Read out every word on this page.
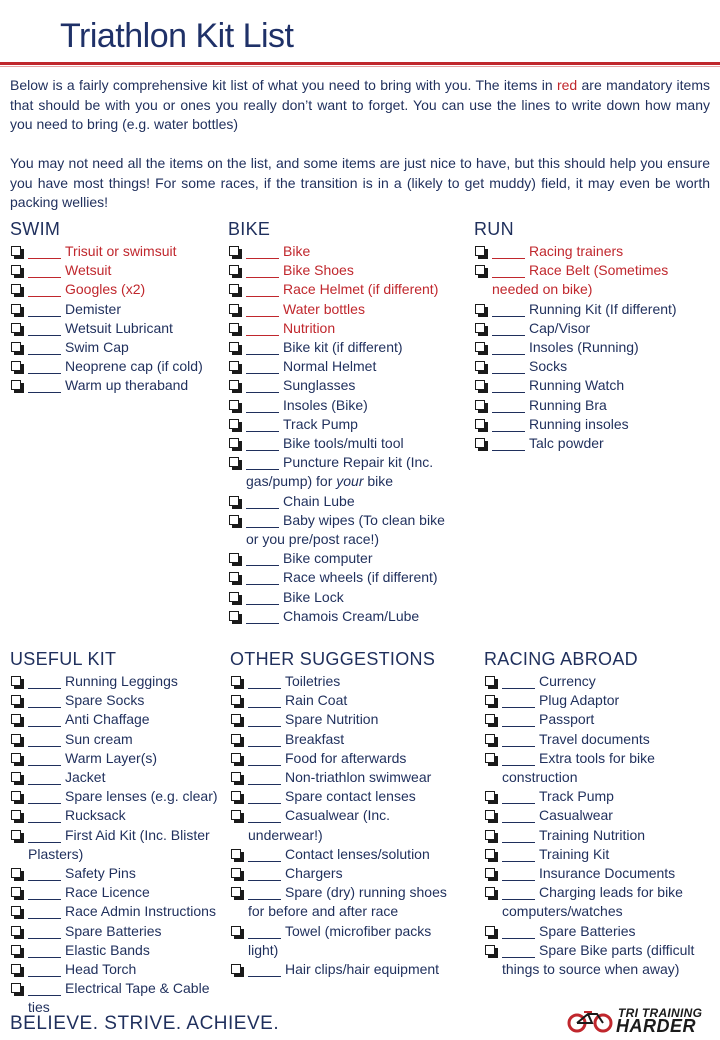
Triathlon Kit List

Below is a fairly comprehensive kit list of what you need to bring with you. The items in red are mandatory items that should be with you or ones you really don’t want to forget. You can use the lines to write down how many you need to bring (e.g. water bottles)

You may not need all the items on the list, and some items are just nice to have, but this should help you ensure you have most things! For some races, if the transition is in a (likely to get muddy) field, it may even be worth packing wellies!

SWIM
Trisuit or swimsuit
Wetsuit
Googles (x2)
Demister
Wetsuit Lubricant
Swim Cap
Neoprene cap (if cold)
Warm up theraband
BIKE
Bike
Bike Shoes
Race Helmet (if different)
Water bottles
Nutrition
Bike kit (if different)
Normal Helmet
Sunglasses
Insoles (Bike)
Track Pump
Bike tools/multi tool
Puncture Repair kit (Inc.
gas/pump) for your bike
Chain Lube
Baby wipes (To clean bike
or you pre/post race!)
Bike computer
Race wheels (if different)
Bike Lock
Chamois Cream/Lube
RUN
Racing trainers
Race Belt (Sometimes
needed on bike)
Running Kit (If different)
Cap/Visor
Insoles (Running)
Socks
Running Watch
Running Bra
Running insoles
Talc powder
USEFUL KIT
Running Leggings
Spare Socks
Anti Chaffage
Sun cream
Warm Layer(s)
Jacket
Spare lenses (e.g. clear)
Rucksack
First Aid Kit (Inc. Blister
Plasters)
Safety Pins
Race Licence
Race Admin Instructions
Spare Batteries
Elastic Bands
Head Torch
Electrical Tape & Cable ties
OTHER SUGGESTIONS
Toiletries
Rain Coat
Spare Nutrition
Breakfast
Food for afterwards
Non-triathlon swimwear
Spare contact lenses
Casualwear (Inc.
underwear!)
Contact lenses/solution
Chargers
Spare (dry) running shoes
for before and after race
Towel (microfiber packs
light)
Hair clips/hair equipment
RACING ABROAD
Currency
Plug Adaptor
Passport
Travel documents
Extra tools for bike
construction
Track Pump
Casualwear
Training Nutrition
Training Kit
Insurance Documents
Charging leads for bike
computers/watches
Spare Batteries
Spare Bike parts (difficult
things to source when away)
BELIEVE. STRIVE. ACHIEVE.	TRI TRAINING
HARDER
